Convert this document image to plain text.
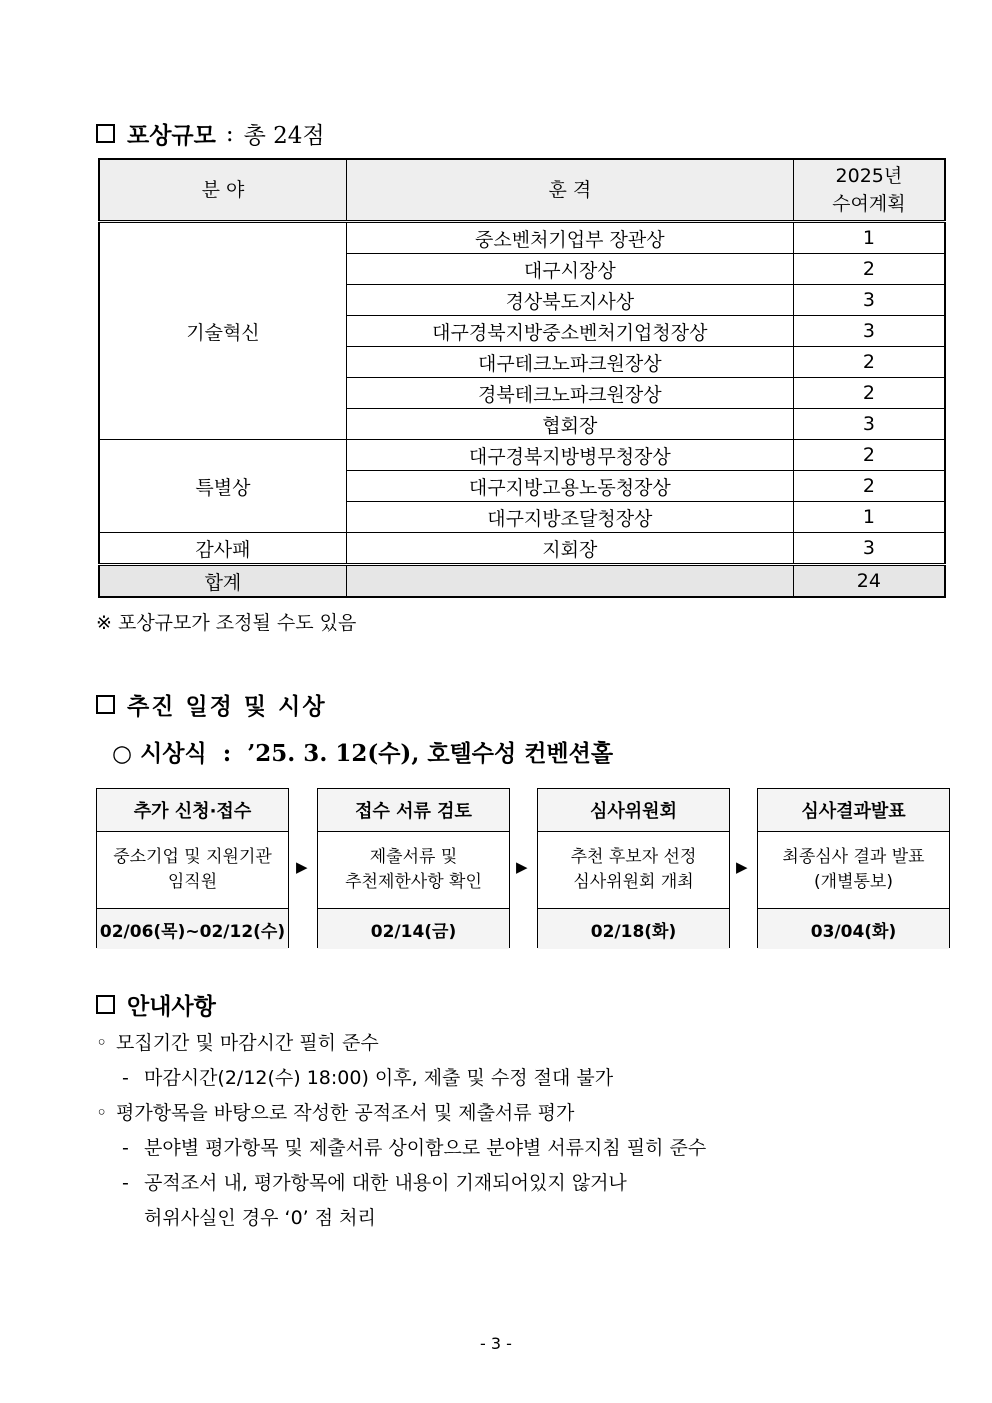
포상규모 : 총 24점
분 야	훈 격	2025년
수여계획

기술혁신	중소벤처기업부 장관상	1
	대구시장상	2
	경상북도지사상	3
	대구경북지방중소벤처기업청장상	3
	대구테크노파크원장상	2
	경북테크노파크원장상	2
	협회장	3
특별상	대구경북지방병무청장상	2
	대구지방고용노동청장상	2
	대구지방조달청장상	1
감사패	지회장	3
합계		24
※ 포상규모가 조정될 수도 있음
추진 일정 및 시상
○ 시상식 : ’25. 3. 12(수), 호텔수성 컨벤션홀
추가 신청·접수
중소기업 및 지원기관
임직원
02/06(목)~02/12(수)
▶
접수 서류 검토
제출서류 및
추천제한사항 확인
02/14(금)
▶
심사위원회
추천 후보자 선정
심사위원회 개최
02/18(화)
▶
심사결과발표
최종심사 결과 발표
(개별통보)
03/04(화)
안내사항
◦ 모집기간 및 마감시간 필히 준수
- 마감시간(2/12(수) 18:00) 이후, 제출 및 수정 절대 불가
◦ 평가항목을 바탕으로 작성한 공적조서 및 제출서류 평가
- 분야별 평가항목 및 제출서류 상이함으로 분야별 서류지침 필히 준수
- 공적조서 내, 평가항목에 대한 내용이 기재되어있지 않거나
허위사실인 경우 ‘0’ 점 처리
- 3 -
